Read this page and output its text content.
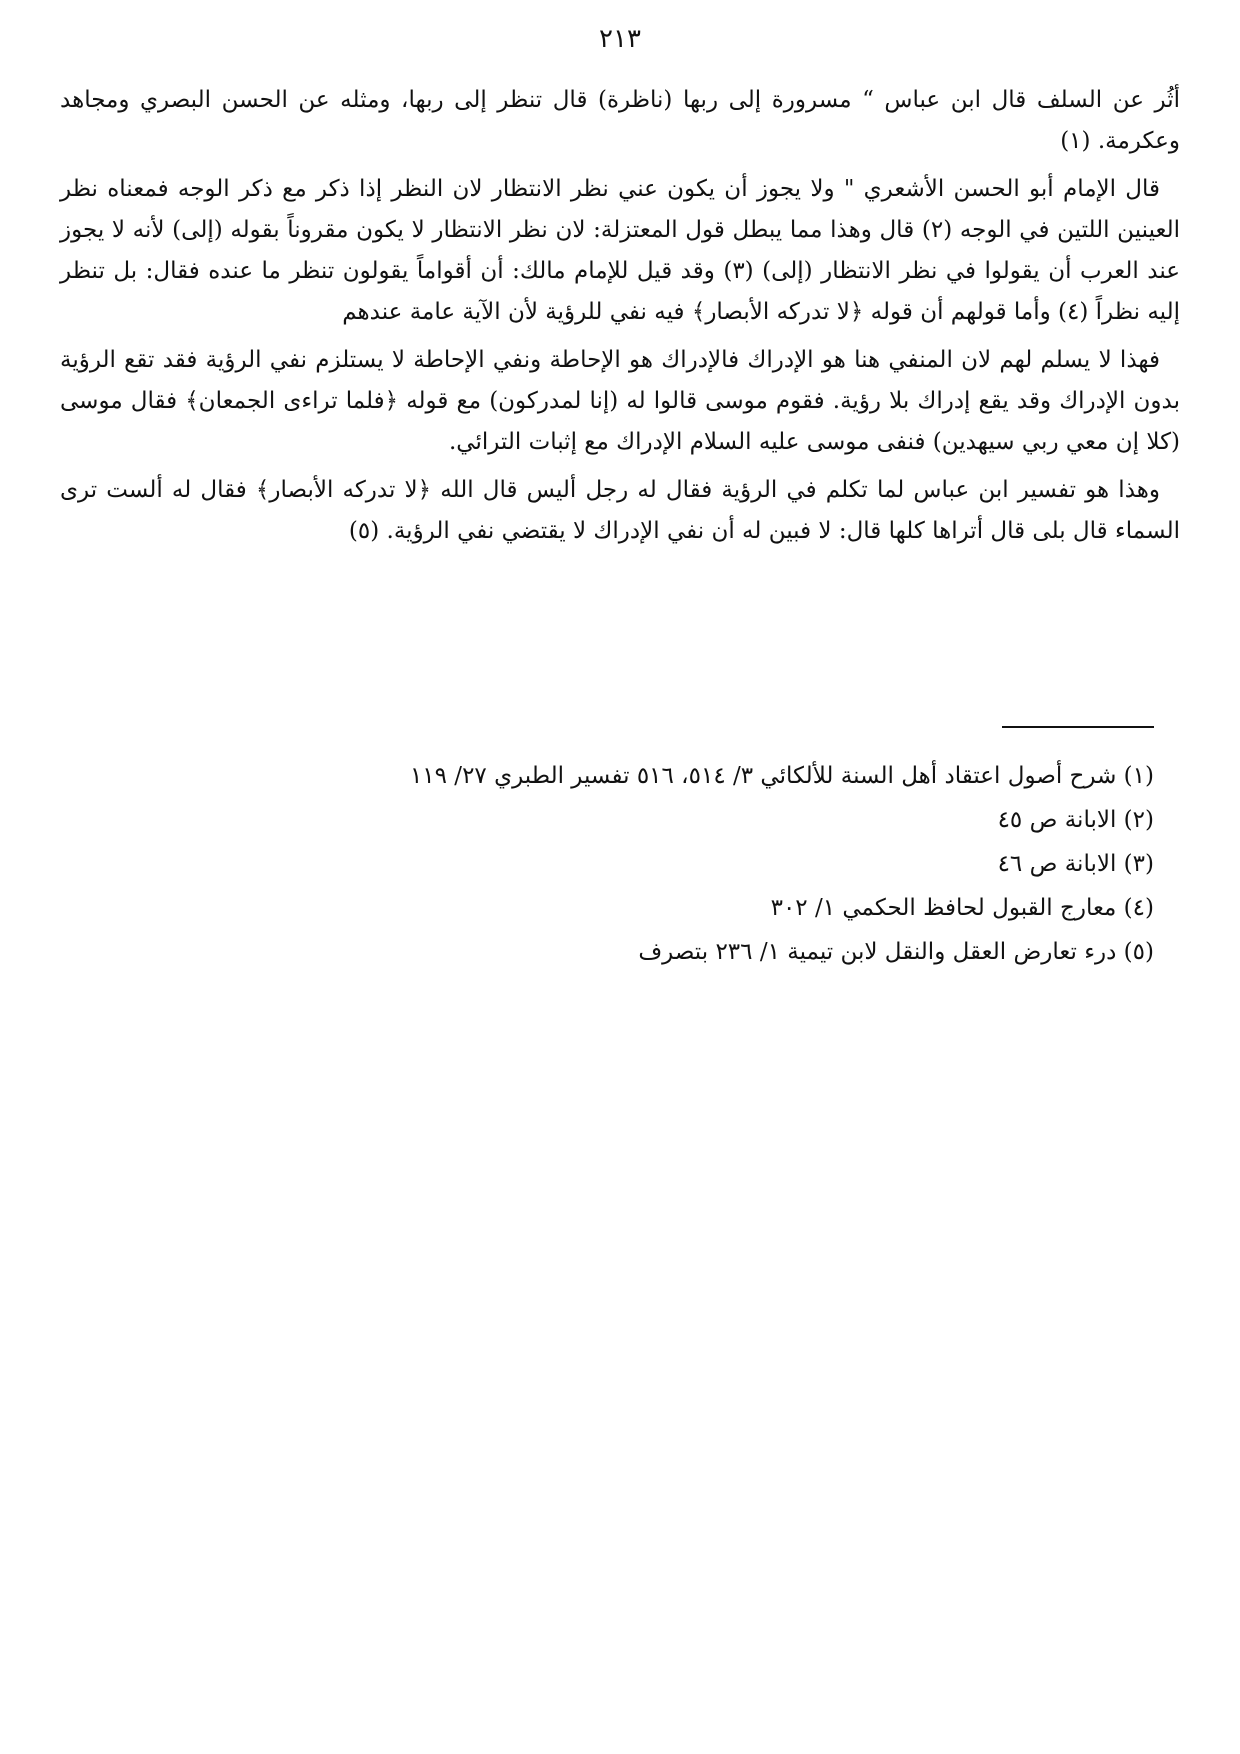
٢١٣

أثُر عن السلف قال ابن عباس “ مسرورة إلى ربها (ناظرة) قال تنظر إلى ربها، ومثله عن الحسن البصري ومجاهد وعكرمة. (١)

قال الإمام أبو الحسن الأشعري " ولا يجوز أن يكون عني نظر الانتظار لان النظر إذا ذكر مع ذكر الوجه فمعناه نظر العينين اللتين في الوجه (٢) قال وهذا مما يبطل قول المعتزلة: لان نظر الانتظار لا يكون مقروناً بقوله (إلى) لأنه لا يجوز عند العرب أن يقولوا في نظر الانتظار (إلى) (٣) وقد قيل للإمام مالك: أن أقواماً يقولون تنظر ما عنده فقال: بل تنظر إليه نظراً (٤) وأما قولهم أن قوله ﴿لا تدركه الأبصار﴾ فيه نفي للرؤية لأن الآية عامة عندهم

فهذا لا يسلم لهم لان المنفي هنا هو الإدراك فالإدراك هو الإحاطة ونفي الإحاطة لا يستلزم نفي الرؤية فقد تقع الرؤية بدون الإدراك وقد يقع إدراك بلا رؤية. فقوم موسى قالوا له (إنا لمدركون) مع قوله ﴿فلما تراءى الجمعان﴾ فقال موسى (كلا إن معي ربي سيهدين) فنفى موسى عليه السلام الإدراك مع إثبات الترائي.

وهذا هو تفسير ابن عباس لما تكلم في الرؤية فقال له رجل أليس قال الله ﴿لا تدركه الأبصار﴾ فقال له ألست ترى السماء قال بلى قال أتراها كلها قال: لا فبين له أن نفي الإدراك لا يقتضي نفي الرؤية. (٥)

(١) شرح أصول اعتقاد أهل السنة للألكائي ٣/ ٥١٤، ٥١٦ تفسير الطبري ٢٧/ ١١٩
(٢) الابانة ص ٤٥
(٣) الابانة ص ٤٦
(٤) معارج القبول لحافظ الحكمي ١/ ٣٠٢
(٥) درء تعارض العقل والنقل لابن تيمية ١/ ٢٣٦ بتصرف
